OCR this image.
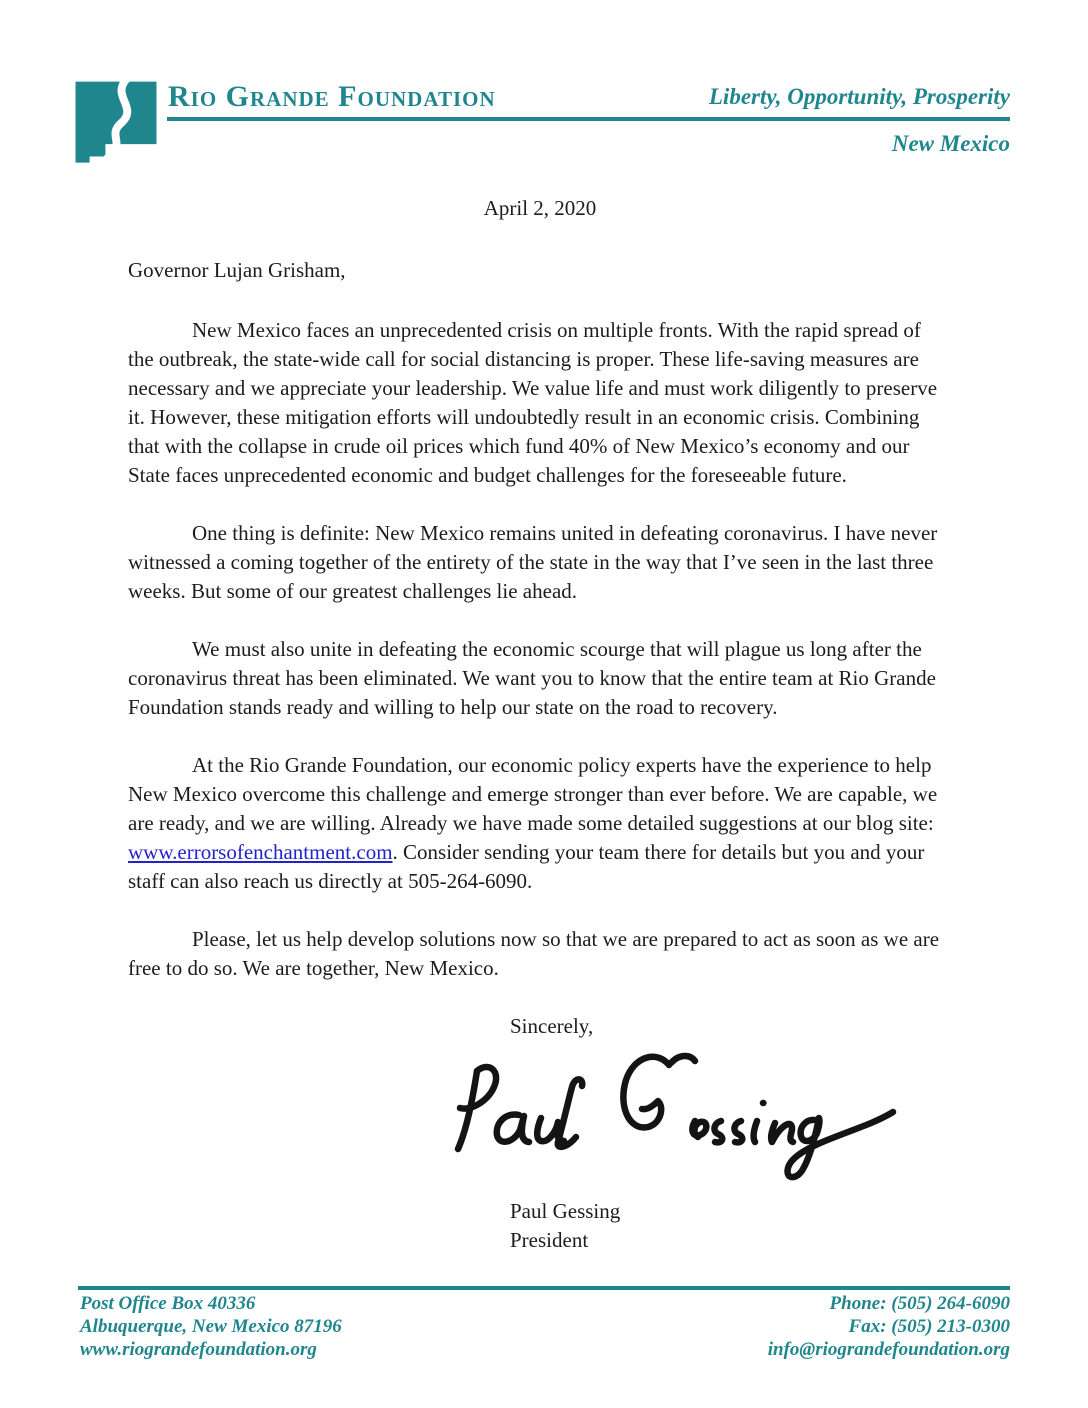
Rio Grande Foundation	Liberty, Opportunity, Prosperity
New Mexico
April 2, 2020
Governor Lujan Grisham,
New Mexico faces an unprecedented crisis on multiple fronts. With the rapid spread of
the outbreak, the state-wide call for social distancing is proper. These life-saving measures are
necessary and we appreciate your leadership. We value life and must work diligently to preserve
it. However, these mitigation efforts will undoubtedly result in an economic crisis. Combining
that with the collapse in crude oil prices which fund 40% of New Mexico’s economy and our
State faces unprecedented economic and budget challenges for the foreseeable future.
One thing is definite: New Mexico remains united in defeating coronavirus. I have never
witnessed a coming together of the entirety of the state in the way that I’ve seen in the last three
weeks. But some of our greatest challenges lie ahead.
We must also unite in defeating the economic scourge that will plague us long after the
coronavirus threat has been eliminated. We want you to know that the entire team at Rio Grande
Foundation stands ready and willing to help our state on the road to recovery.
At the Rio Grande Foundation, our economic policy experts have the experience to help
New Mexico overcome this challenge and emerge stronger than ever before. We are capable, we
are ready, and we are willing. Already we have made some detailed suggestions at our blog site:
www.errorsofenchantment.com. Consider sending your team there for details but you and your
staff can also reach us directly at 505-264-6090.
Please, let us help develop solutions now so that we are prepared to act as soon as we are
free to do so. We are together, New Mexico.
Sincerely,
Paul Gessing
President
Post Office Box 40336
Albuquerque, New Mexico 87196
www.riograndefoundation.org
Phone: (505) 264-6090
Fax: (505) 213-0300
info@riograndefoundation.org
